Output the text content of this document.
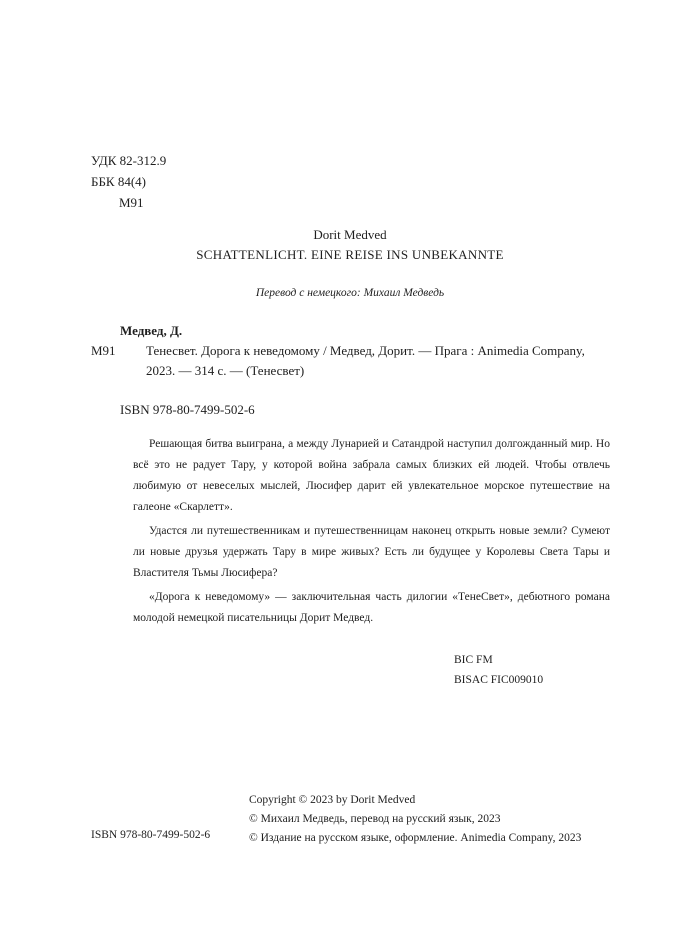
УДК 82-312.9
ББК 84(4)
М91
Dorit Medved
SCHATTENLICHT. EINE REISE INS UNBEKANNTE
Перевод с немецкого: Михаил Медведь
Медвед, Д.
М91 Тенесвет. Дорога к неведомому / Медвед, Дорит. — Прага : Animedia Company,
2023. — 314 с. — (Тенесвет)
ISBN 978-80-7499-502-6

Решающая битва выиграна, а между Лунарией и Сатандрой наступил долгожданный мир. Но всё это не радует Тару, у которой война забрала самых близких ей людей. Чтобы отвлечь любимую от невеселых мыслей, Люсифер дарит ей увлекательное морское путешествие на галеоне «Скарлетт».

Удастся ли путешественникам и путешественницам наконец открыть новые земли? Сумеют ли новые друзья удержать Тару в мире живых? Есть ли будущее у Королевы Света Тары и Властителя Тьмы Люсифера?

«Дорога к неведомому» — заключительная часть дилогии «ТенеСвет», дебютного романа молодой немецкой писательницы Дорит Медвед.

BIC FM
BISAC FIC009010
ISBN 978-80-7499-502-6
Copyright © 2023 by Dorit Medved
© Михаил Медведь, перевод на русский язык, 2023
© Издание на русском языке, оформление. Animedia Company, 2023
